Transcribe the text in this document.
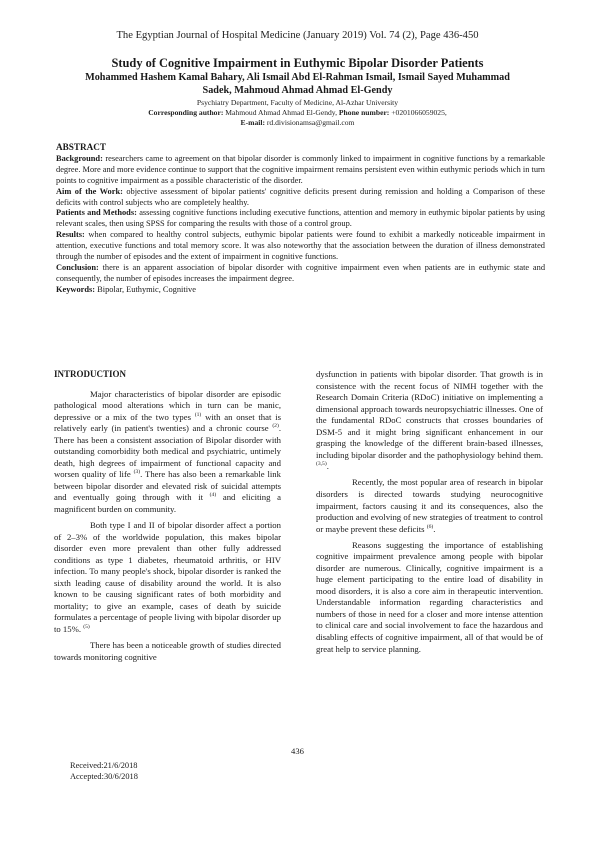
The Egyptian Journal of Hospital Medicine (January 2019) Vol. 74 (2), Page 436-450
Study of Cognitive Impairment in Euthymic Bipolar Disorder Patients
Mohammed Hashem Kamal Bahary, Ali Ismail Abd El-Rahman Ismail, Ismail Sayed Muhammad
Sadek, Mahmoud Ahmad Ahmad El-Gendy
Psychiatry Department, Faculty of Medicine, Al-Azhar University
Corresponding author: Mahmoud Ahmad Ahmad El-Gendy, Phone number: +0201066059025,
E-mail: rd.divisionamsa@gmail.com
ABSTRACT

Background: researchers came to agreement on that bipolar disorder is commonly linked to impairment in cognitive functions by a remarkable degree. More and more evidence continue to support that the cognitive impairment remains persistent even within euthymic periods which in turn points to cognitive impairment as a possible characteristic of the disorder.

Aim of the Work: objective assessment of bipolar patients' cognitive deficits present during remission and holding a Comparison of these deficits with control subjects who are completely healthy.

Patients and Methods: assessing cognitive functions including executive functions, attention and memory in euthymic bipolar patients by using relevant scales, then using SPSS for comparing the results with those of a control group.

Results: when compared to healthy control subjects, euthymic bipolar patients were found to exhibit a markedly noticeable impairment in attention, executive functions and total memory score. It was also noteworthy that the association between the duration of illness demonstrated through the number of episodes and the extent of impairment in cognitive functions.

Conclusion: there is an apparent association of bipolar disorder with cognitive impairment even when patients are in euthymic state and consequently, the number of episodes increases the impairment degree.

Keywords: Bipolar, Euthymic, Cognitive

INTRODUCTION

Major characteristics of bipolar disorder are episodic pathological mood alterations which in turn can be manic, depressive or a mix of the two types $^{(1)}$ with an onset that is relatively early (in patient's twenties) and a chronic course $^{(2)}$. There has been a consistent association of Bipolar disorder with outstanding comorbidity both medical and psychiatric, untimely death, high degrees of impairment of functional capacity and worsen quality of life $^{(3)}$. There has also been a remarkable link between bipolar disorder and elevated risk of suicidal attempts and eventually going through with it $^{(4)}$ and eliciting a magnificent burden on community.

Both type I and II of bipolar disorder affect a portion of 2–3% of the worldwide population, this makes bipolar disorder even more prevalent than other fully addressed conditions as type 1 diabetes, rheumatoid arthritis, or HIV infection. To many people's shock, bipolar disorder is ranked the sixth leading cause of disability around the world. It is also known to be causing significant rates of both morbidity and mortality; to give an example, cases of death by suicide formulates a percentage of people living with bipolar disorder up to 15%. $^{(5)}$

There has been a noticeable growth of studies directed towards monitoring cognitive

dysfunction in patients with bipolar disorder. That growth is in consistence with the recent focus of NIMH together with the Research Domain Criteria (RDoC) initiative on implementing a dimensional approach towards neuropsychiatric illnesses. One of the fundamental RDoC constructs that crosses boundaries of DSM-5 and it might bring significant enhancement in our grasping the knowledge of the different brain-based illnesses, including bipolar disorder and the pathophysiology behind them. $^{(3,5)}$.

Recently, the most popular area of research in bipolar disorders is directed towards studying neurocognitive impairment, factors causing it and its consequences, also the production and evolving of new strategies of treatment to control or maybe prevent these deficits $^{(6)}$.

Reasons suggesting the importance of establishing cognitive impairment prevalence among people with bipolar disorder are numerous. Clinically, cognitive impairment is a huge element participating to the entire load of disability in mood disorders, it is also a core aim in therapeutic intervention. Understandable information regarding characteristics and numbers of those in need for a closer and more intense attention to clinical care and social involvement to face the hazardous and disabling effects of cognitive impairment, all of that would be of great help to service planning.

436
Received:21/6/2018
Accepted:30/6/2018
